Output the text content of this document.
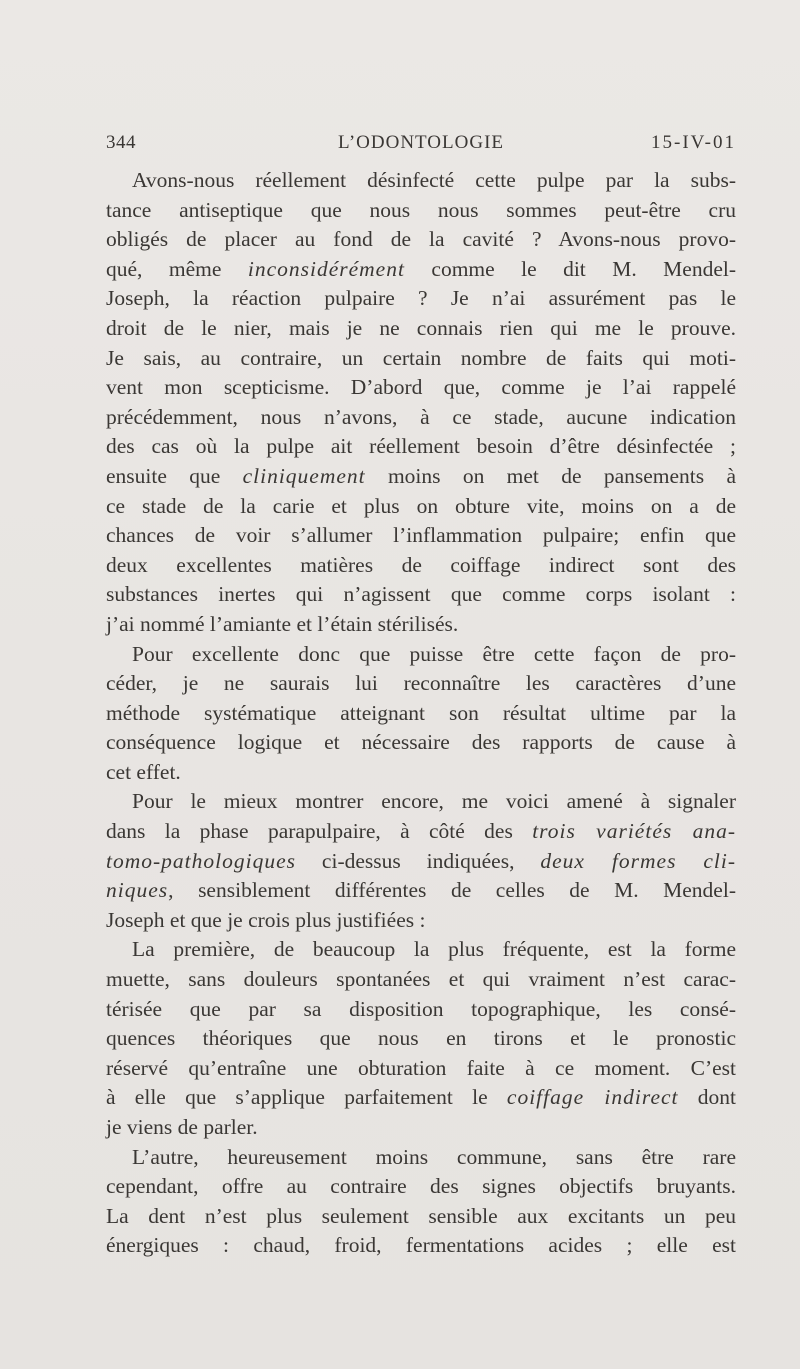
344	L’ODONTOLOGIE	15-IV-01
Avons-nous réellement désinfecté cette pulpe par la subs-
tance antiseptique que nous nous sommes peut-être cru
obligés de placer au fond de la cavité ? Avons-nous provo-
qué, même inconsidérément comme le dit M. Mendel-
Joseph, la réaction pulpaire ? Je n’ai assurément pas le
droit de le nier, mais je ne connais rien qui me le prouve.
Je sais, au contraire, un certain nombre de faits qui moti-
vent mon scepticisme. D’abord que, comme je l’ai rappelé
précédemment, nous n’avons, à ce stade, aucune indication
des cas où la pulpe ait réellement besoin d’être désinfectée ;
ensuite que cliniquement moins on met de pansements à
ce stade de la carie et plus on obture vite, moins on a de
chances de voir s’allumer l’inflammation pulpaire; enfin que
deux excellentes matières de coiffage indirect sont des
substances inertes qui n’agissent que comme corps isolant :
j’ai nommé l’amiante et l’étain stérilisés.
Pour excellente donc que puisse être cette façon de pro-
céder, je ne saurais lui reconnaître les caractères d’une
méthode systématique atteignant son résultat ultime par la
conséquence logique et nécessaire des rapports de cause à
cet effet.
Pour le mieux montrer encore, me voici amené à signaler
dans la phase parapulpaire, à côté des trois variétés ana-
tomo-pathologiques ci-dessus indiquées, deux formes cli-
niques, sensiblement différentes de celles de M. Mendel-
Joseph et que je crois plus justifiées :
La première, de beaucoup la plus fréquente, est la forme
muette, sans douleurs spontanées et qui vraiment n’est carac-
térisée que par sa disposition topographique, les consé-
quences théoriques que nous en tirons et le pronostic
réservé qu’entraîne une obturation faite à ce moment. C’est
à elle que s’applique parfaitement le coiffage indirect dont
je viens de parler.
L’autre, heureusement moins commune, sans être rare
cependant, offre au contraire des signes objectifs bruyants.
La dent n’est plus seulement sensible aux excitants un peu
énergiques : chaud, froid, fermentations acides ; elle est
